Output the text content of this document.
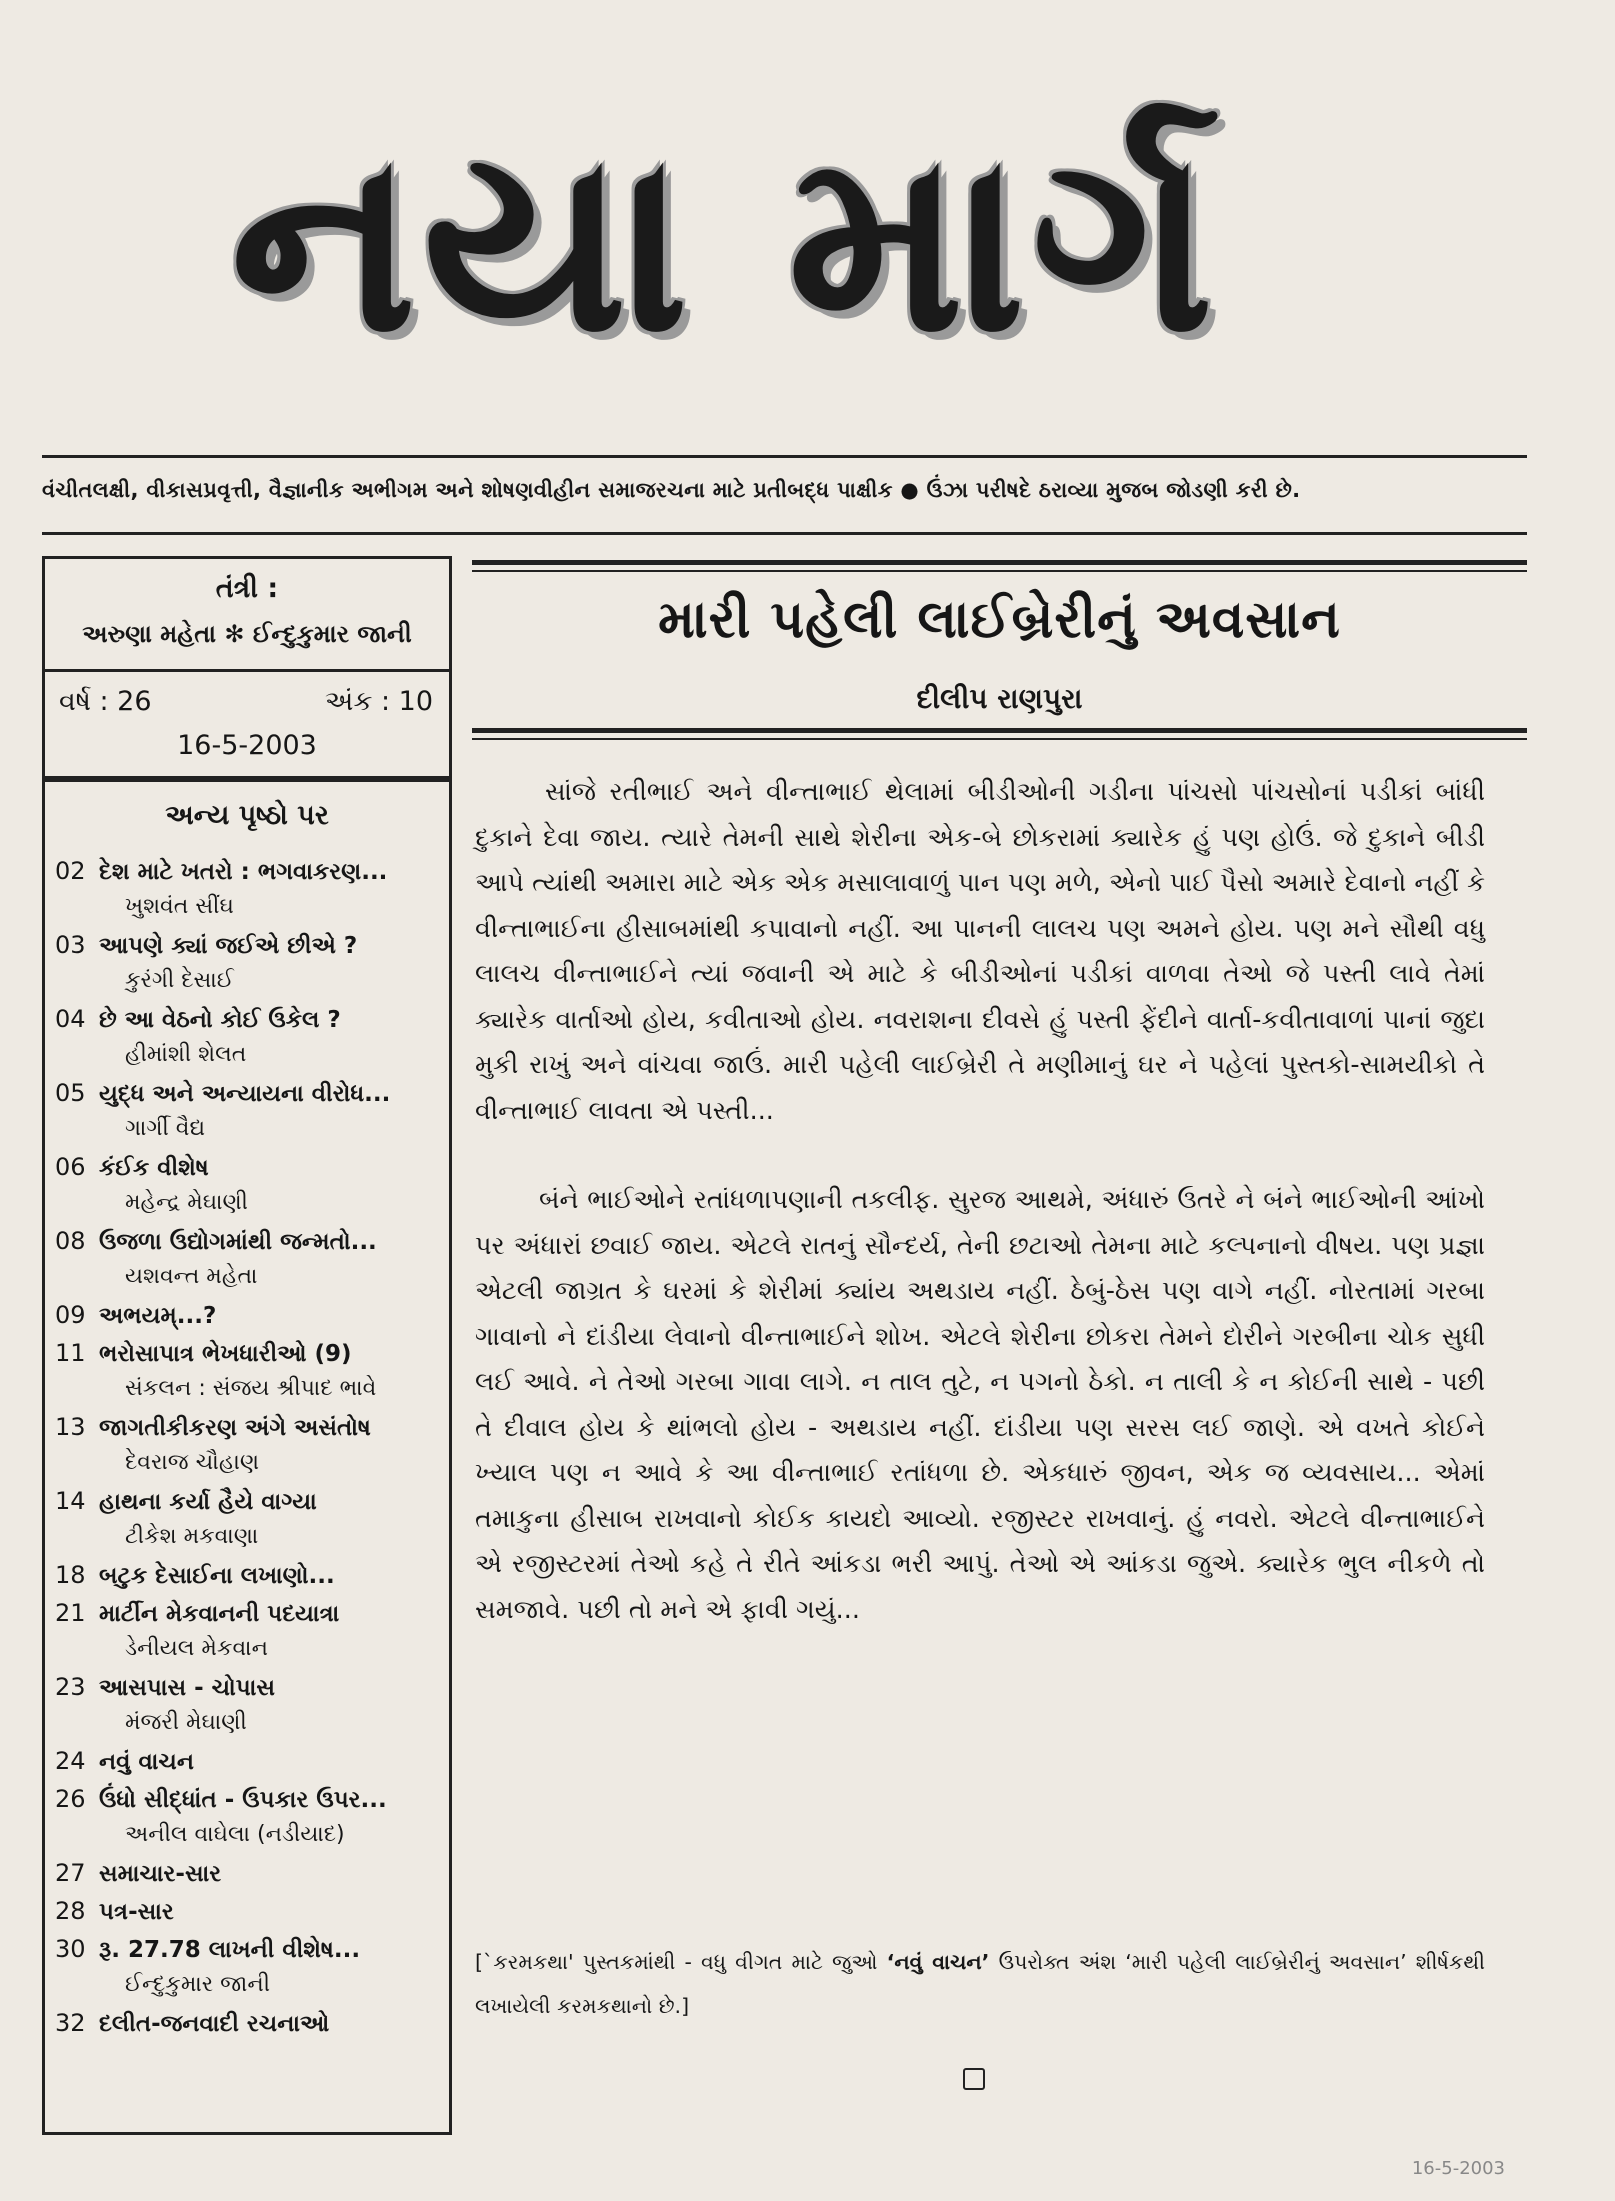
નયા માર્ગ
વંચીતલક્ષી, વીકાસપ્રવૃત્તી, વૈજ્ઞાનીક અભીગમ અને શોષણવીહીન સમાજરચના માટે પ્રતીબદ્ધ પાક્ષીક ● ઉંઝા પરીષદે ઠરાવ્યા મુજબ જોડણી કરી છે.
તંત્રી :
અરુણા મહેતા ✻ ઈન્દુકુમાર જાની
વર્ષ : 26	અંક : 10
16-5-2003
અન્ય પૃષ્ઠો પર
02 દેશ માટે ખતરો : ભગવાકરણ...
ખુશવંત સીંઘ
03 આપણે ક્યાં જઈએ છીએ ?
કુરંગી દેસાઈ
04 છે આ વેઠનો કોઈ ઉકેલ ?
હીમાંશી શેલત
05 યુદ્ધ અને અન્યાયના વીરોધ...
ગાર્ગી વૈદ્ય
06 કંઈક વીશેષ
મહેન્દ્ર મેઘાણી
08 ઉજળા ઉદ્યોગમાંથી જન્મતો...
યશવન્ત મહેતા
09 અભયમ્...?
11 ભરોસાપાત્ર ભેખધારીઓ (9)
સંકલન : સંજય શ્રીપાદ ભાવે
13 જાગતીકીકરણ અંગે અસંતોષ
દેવરાજ ચૌહાણ
14 હાથના કર્યા હૈયે વાગ્યા
ટીકેશ મકવાણા
18 બટુક દેસાઈના લખાણો...
21 માર્ટીન મેકવાનની પદયાત્રા
ડેનીયલ મેકવાન
23 આસપાસ - ચોપાસ
મંજરી મેઘાણી
24 નવું વાચન
26 ઉંધો સીદ્ધાંત - ઉપકાર ઉપર...
અનીલ વાઘેલા (નડીયાદ)
27 સમાચાર-સાર
28 પત્ર-સાર
30 રૂ. 27.78 લાખની વીશેષ...
ઈન્દુકુમાર જાની
32 દલીત-જનવાદી રચનાઓ
મારી પહેલી લાઈબ્રેરીનું અવસાન
દીલીપ રાણપુરા

સાંજે રતીભાઈ અને વીન્તાભાઈ થેલામાં બીડીઓની ગડીના પાંચસો પાંચસોનાં પડીકાં બાંધી દુકાને દેવા જાય. ત્યારે તેમની સાથે શેરીના એક-બે છોકરામાં ક્યારેક હું પણ હોઉં. જે દુકાને બીડી આપે ત્યાંથી અમારા માટે એક એક મસાલાવાળું પાન પણ મળે, એનો પાઈ પૈસો અમારે દેવાનો નહીં કે વીન્તાભાઈના હીસાબમાંથી કપાવાનો નહીં. આ પાનની લાલચ પણ અમને હોય. પણ મને સૌથી વધુ લાલચ વીન્તાભાઈને ત્યાં જવાની એ માટે કે બીડીઓનાં પડીકાં વાળવા તેઓ જે પસ્તી લાવે તેમાં ક્યારેક વાર્તાઓ હોય, કવીતાઓ હોય. નવરાશના દીવસે હું પસ્તી ફેંદીને વાર્તા-કવીતાવાળાં પાનાં જુદા મુકી રાખું અને વાંચવા જાઉં. મારી પહેલી લાઈબ્રેરી તે મણીમાનું ઘર ને પહેલાં પુસ્તકો-સામયીકો તે વીન્તાભાઈ લાવતા એ પસ્તી...

બંને ભાઈઓને રતાંધળાપણાની તકલીફ. સુરજ આથમે, અંધારું ઉતરે ને બંને ભાઈઓની આંખો પર અંધારાં છવાઈ જાય. એટલે રાતનું સૌન્દર્ય, તેની છટાઓ તેમના માટે કલ્પનાનો વીષય. પણ પ્રજ્ઞા એટલી જાગ્રત કે ઘરમાં કે શેરીમાં ક્યાંય અથડાય નહીં. ઠેબું-ઠેસ પણ વાગે નહીં. નોરતામાં ગરબા ગાવાનો ને દાંડીયા લેવાનો વીન્તાભાઈને શોખ. એટલે શેરીના છોકરા તેમને દોરીને ગરબીના ચોક સુધી લઈ આવે. ને તેઓ ગરબા ગાવા લાગે. ન તાલ તુટે, ન પગનો ઠેકો. ન તાલી કે ન કોઈની સાથે - પછી તે દીવાલ હોય કે થાંભલો હોય - અથડાય નહીં. દાંડીયા પણ સરસ લઈ જાણે. એ વખતે કોઈને ખ્યાલ પણ ન આવે કે આ વીન્તાભાઈ રતાંધળા છે. એકધારું જીવન, એક જ વ્યવસાય... એમાં તમાકુના હીસાબ રાખવાનો કોઈક કાયદો આવ્યો. રજીસ્ટર રાખવાનું. હું નવરો. એટલે વીન્તાભાઈને એ રજીસ્ટરમાં તેઓ કહે તે રીતે આંકડા ભરી આપું. તેઓ એ આંકડા જુએ. ક્યારેક ભુલ નીકળે તો સમજાવે. પછી તો મને એ ફાવી ગયું...

[`કરમકથા' પુસ્તકમાંથી - વધુ વીગત માટે જુઓ ‘નવું વાચન’ ઉપરોક્ત અંશ ‘મારી પહેલી લાઈબ્રેરીનું અવસાન’ શીર્ષકથી લખાયેલી કરમકથાનો છે.]
16-5-2003
